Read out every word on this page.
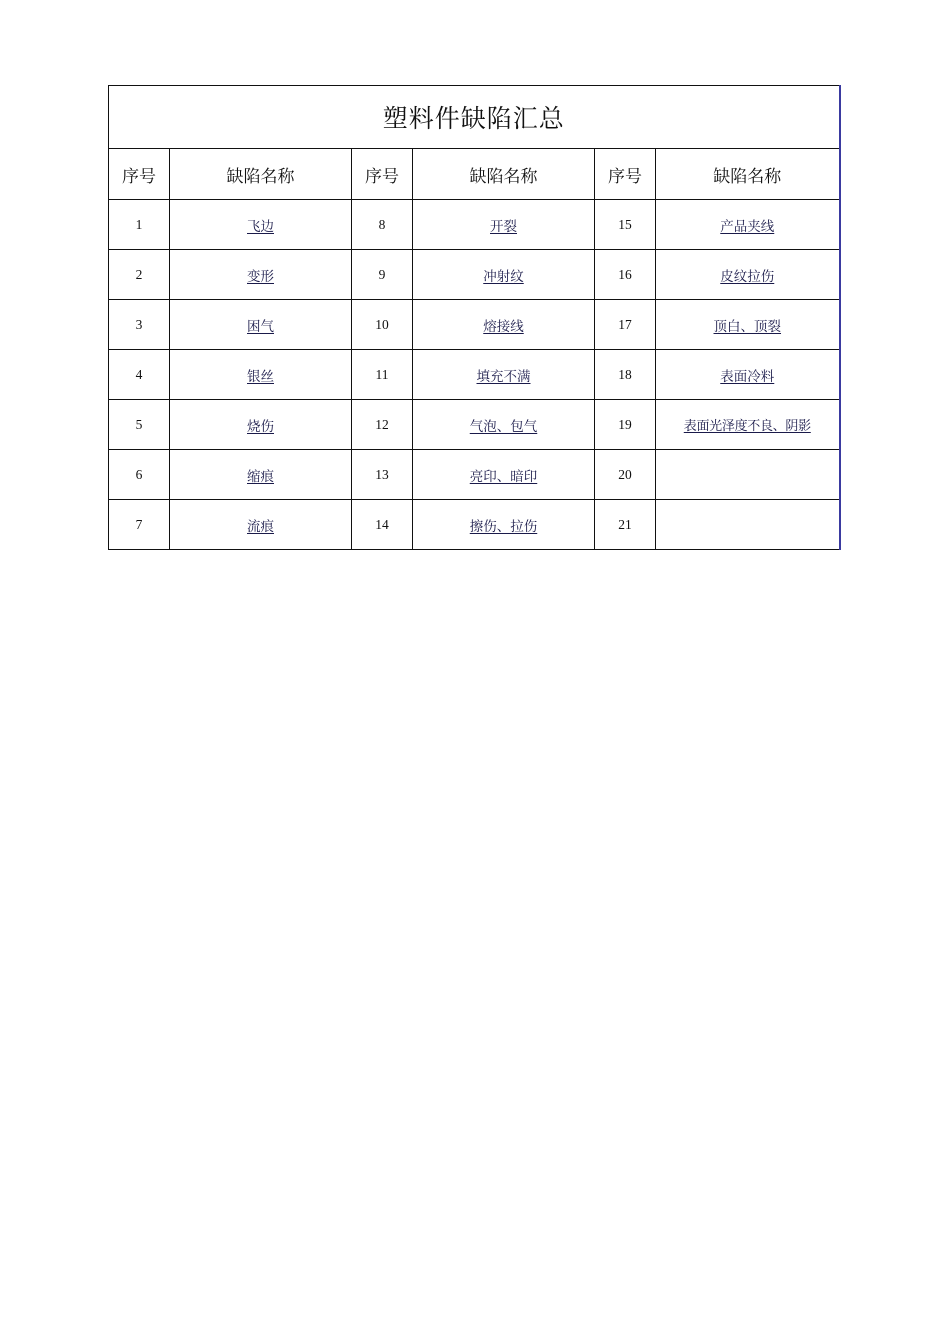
塑料件缺陷汇总					
序号	缺陷名称	序号	缺陷名称	序号	缺陷名称
1	飞边	8	开裂	15	产品夹线
2	变形	9	冲射纹	16	皮纹拉伤
3	困气	10	熔接线	17	顶白、顶裂
4	银丝	11	填充不满	18	表面冷料
5	烧伤	12	气泡、包气	19	表面光泽度不良、阴影
6	缩痕	13	亮印、暗印	20	
7	流痕	14	擦伤、拉伤	21	
